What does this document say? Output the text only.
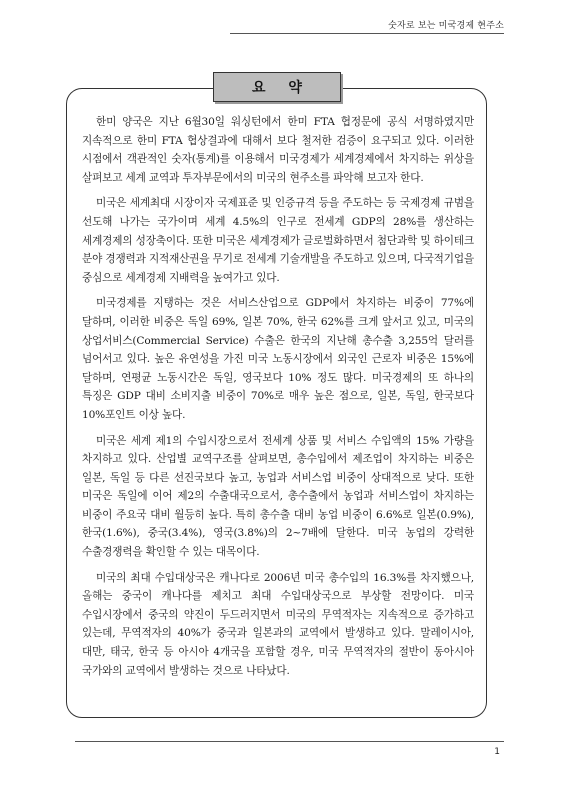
숫자로 보는 미국경제 현주소
요 약

한미 양국은 지난 6월30일 워싱턴에서 한미 FTA 협정문에 공식 서명하였지만 지속적으로 한미 FTA 협상결과에 대해서 보다 철저한 검증이 요구되고 있다. 이러한 시점에서 객관적인 숫자(통계)를 이용해서 미국경제가 세계경제에서 차지하는 위상을 살펴보고 세계 교역과 투자부문에서의 미국의 현주소를 파악해 보고자 한다.

미국은 세계최대 시장이자 국제표준 및 인증규격 등을 주도하는 등 국제경제 규범을 선도해 나가는 국가이며 세계 4.5%의 인구로 전세계 GDP의 28%를 생산하는 세계경제의 성장축이다. 또한 미국은 세계경제가 글로벌화하면서 첨단과학 및 하이테크 분야 경쟁력과 지적재산권을 무기로 전세계 기술개발을 주도하고 있으며, 다국적기업을 중심으로 세계경제 지배력을 높여가고 있다.

미국경제를 지탱하는 것은 서비스산업으로 GDP에서 차지하는 비중이 77%에 달하며, 이러한 비중은 독일 69%, 일본 70%, 한국 62%를 크게 앞서고 있고, 미국의 상업서비스(Commercial Service) 수출은 한국의 지난해 총수출 3,255억 달러를 넘어서고 있다. 높은 유연성을 가진 미국 노동시장에서 외국인 근로자 비중은 15%에 달하며, 연평균 노동시간은 독일, 영국보다 10% 정도 많다. 미국경제의 또 하나의 특징은 GDP 대비 소비지출 비중이 70%로 매우 높은 점으로, 일본, 독일, 한국보다 10%포인트 이상 높다.

미국은 세계 제1의 수입시장으로서 전세계 상품 및 서비스 수입액의 15% 가량을 차지하고 있다. 산업별 교역구조를 살펴보면, 총수입에서 제조업이 차지하는 비중은 일본, 독일 등 다른 선진국보다 높고, 농업과 서비스업 비중이 상대적으로 낮다. 또한 미국은 독일에 이어 제2의 수출대국으로서, 총수출에서 농업과 서비스업이 차지하는 비중이 주요국 대비 월등히 높다. 특히 총수출 대비 농업 비중이 6.6%로 일본(0.9%), 한국(1.6%), 중국(3.4%), 영국(3.8%)의 2~7배에 달한다. 미국 농업의 강력한 수출경쟁력을 확인할 수 있는 대목이다.

미국의 최대 수입대상국은 캐나다로 2006년 미국 총수입의 16.3%를 차지했으나, 올해는 중국이 캐나다를 제치고 최대 수입대상국으로 부상할 전망이다. 미국 수입시장에서 중국의 약진이 두드러지면서 미국의 무역적자는 지속적으로 증가하고 있는데, 무역적자의 40%가 중국과 일본과의 교역에서 발생하고 있다. 말레이시아, 대만, 태국, 한국 등 아시아 4개국을 포함할 경우, 미국 무역적자의 절반이 동아시아 국가와의 교역에서 발생하는 것으로 나타났다.

1
